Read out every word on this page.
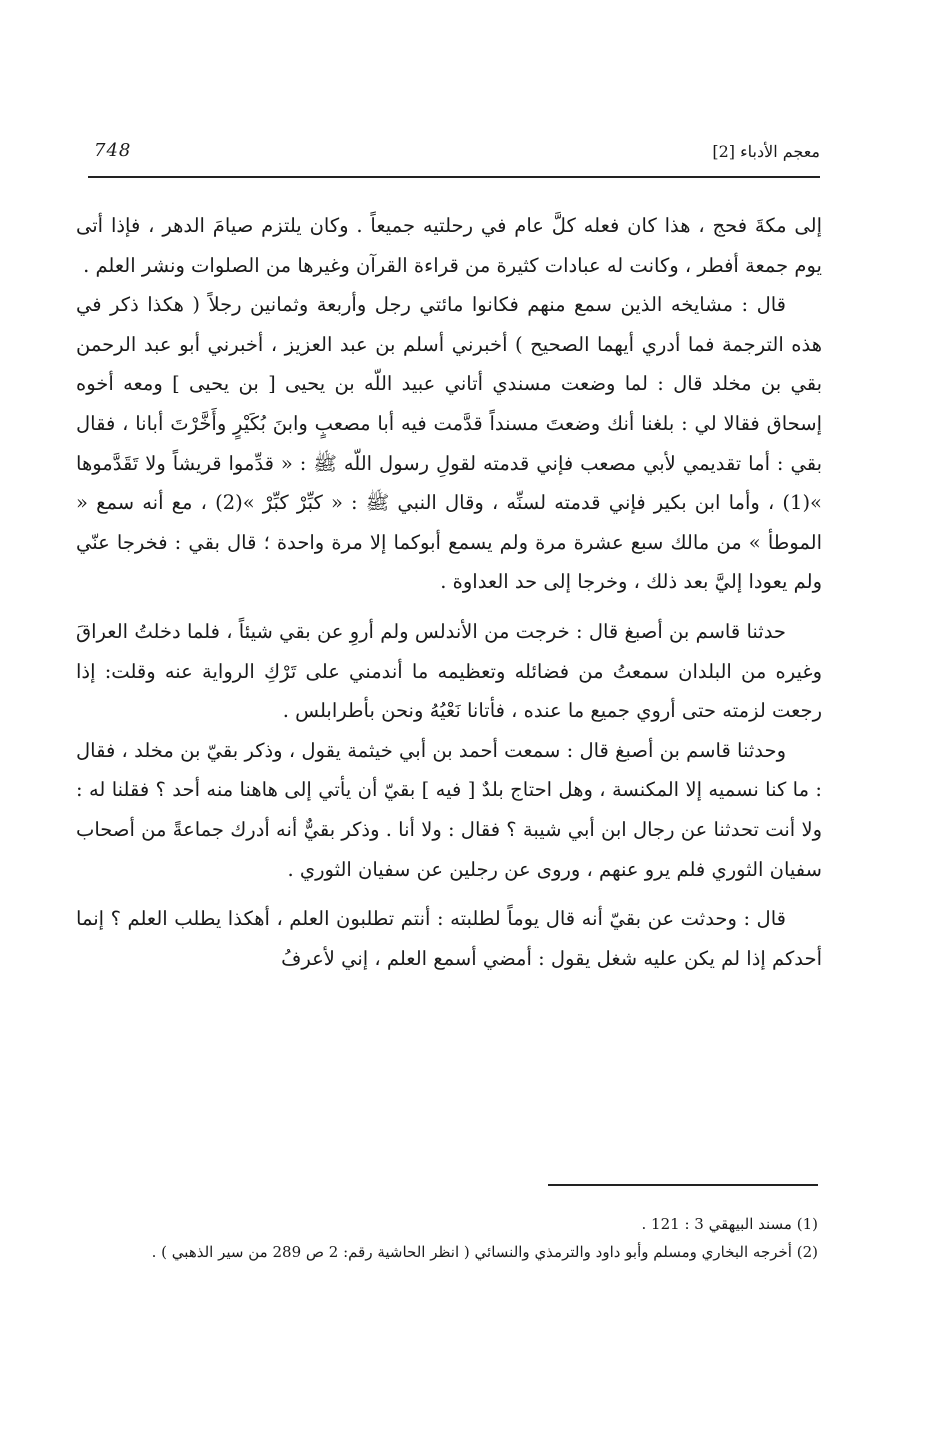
748	معجم الأدباء [2]

إلى مكةَ فحج ، هذا كان فعله كلَّ عام في رحلتيه جميعاً . وكان يلتزم صيامَ الدهر ، فإذا أتى يوم جمعة أفطر ، وكانت له عبادات كثيرة من قراءة القرآن وغيرها من الصلوات ونشر العلم .

قال : مشايخه الذين سمع منهم فكانوا مائتي رجل وأربعة وثمانين رجلاً ( هكذا ذكر في هذه الترجمة فما أدري أيهما الصحيح ) أخبرني أسلم بن عبد العزيز ، أخبرني أبو عبد الرحمن بقي بن مخلد قال : لما وضعت مسندي أتاني عبيد اللّه بن يحيى [ بن يحيى ] ومعه أخوه إسحاق فقالا لي : بلغنا أنك وضعتَ مسنداً قدَّمت فيه أبا مصعبٍ وابنَ بُكَيْرٍ وأَخَّرْتَ أبانا ، فقال بقي : أما تقديمي لأبي مصعب فإني قدمته لقولِ رسول اللّه ﷺ : « قدِّموا قريشاً ولا تَقَدَّموها »(1) ، وأما ابن بكير فإني قدمته لسنِّه ، وقال النبي ﷺ : « كبِّرْ كبِّرْ »(2) ، مع أنه سمع « الموطأ » من مالك سبع عشرة مرة ولم يسمع أبوكما إلا مرة واحدة ؛ قال بقي : فخرجا عنّي ولم يعودا إليَّ بعد ذلك ، وخرجا إلى حد العداوة .

حدثنا قاسم بن أصبغ قال : خرجت من الأندلس ولم أروِ عن بقي شيئاً ، فلما دخلتُ العراقَ وغيره من البلدان سمعتُ من فضائله وتعظيمه ما أندمني على تَرْكِ الرواية عنه وقلت: إذا رجعت لزمته حتى أروي جميع ما عنده ، فأتانا نَعْيُهُ ونحن بأطرابلس .

وحدثنا قاسم بن أصبغ قال : سمعت أحمد بن أبي خيثمة يقول ، وذكر بقيّ بن مخلد ، فقال : ما كنا نسميه إلا المكنسة ، وهل احتاج بلدٌ [ فيه ] بقيّ أن يأتي إلى هاهنا منه أحد ؟ فقلنا له : ولا أنت تحدثنا عن رجال ابن أبي شيبة ؟ فقال : ولا أنا . وذكر بقيٌّ أنه أدرك جماعةً من أصحاب سفيان الثوري فلم يرو عنهم ، وروى عن رجلين عن سفيان الثوري .

قال : وحدثت عن بقيّ أنه قال يوماً لطلبته : أنتم تطلبون العلم ، أهكذا يطلب العلم ؟ إنما أحدكم إذا لم يكن عليه شغل يقول : أمضي أسمع العلم ، إني لأعرفُ

(1) مسند البيهقي 3 : 121 .

(2) أخرجه البخاري ومسلم وأبو داود والترمذي والنسائي ( انظر الحاشية رقم: 2 ص 289 من سير الذهبي ) .
